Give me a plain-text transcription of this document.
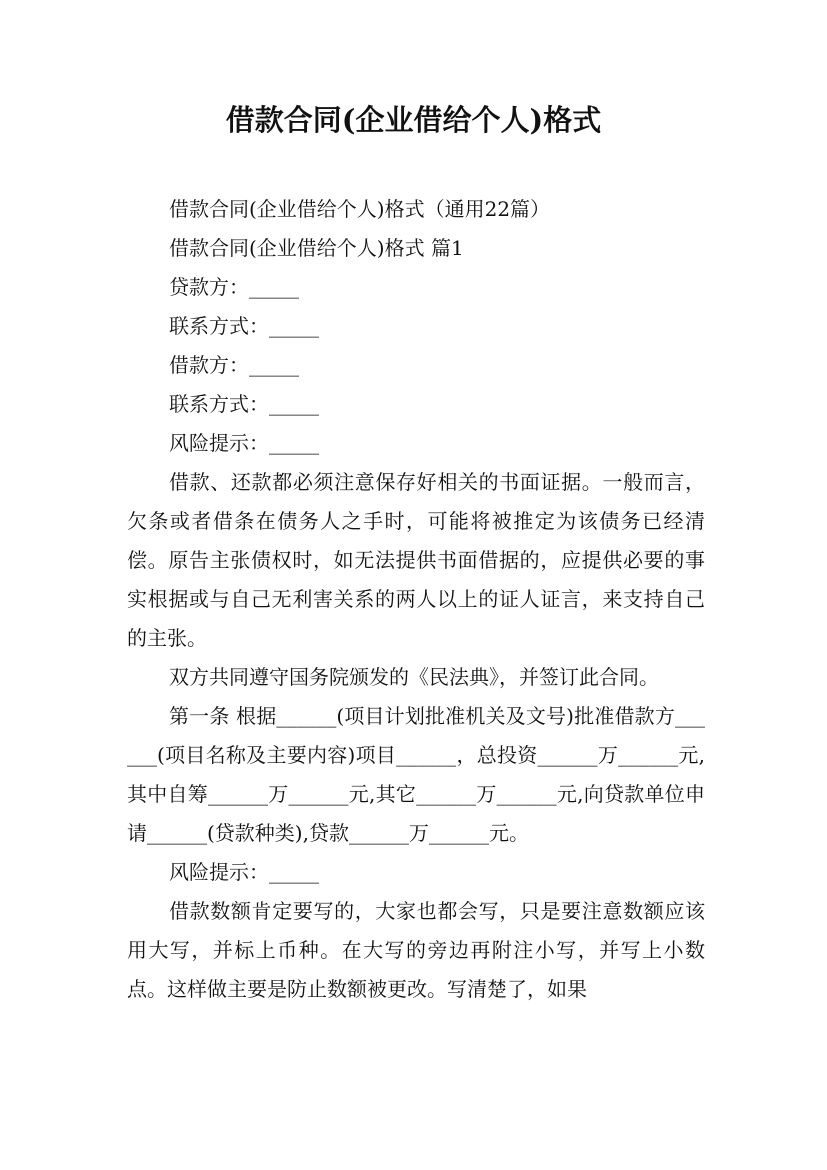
借款合同(企业借给个人)格式

借款合同(企业借给个人)格式（通用22篇）

借款合同(企业借给个人)格式 篇1

贷款方：_____

联系方式：_____

借款方：_____

联系方式：_____

风险提示：_____

借款、还款都必须注意保存好相关的书面证据。一般而言，欠条或者借条在债务人之手时，可能将被推定为该债务已经清偿。原告主张债权时，如无法提供书面借据的，应提供必要的事实根据或与自己无利害关系的两人以上的证人证言，来支持自己的主张。

双方共同遵守国务院颁发的《民法典》，并签订此合同。

第一条 根据______(项目计划批准机关及文号)批准借款方______(项目名称及主要内容)项目______，总投资______万______元,其中自筹______万______元,其它______万______元,向贷款单位申请______(贷款种类),贷款______万______元。

风险提示：_____

借款数额肯定要写的，大家也都会写，只是要注意数额应该用大写，并标上币种。在大写的旁边再附注小写，并写上小数点。这样做主要是防止数额被更改。写清楚了，如果
